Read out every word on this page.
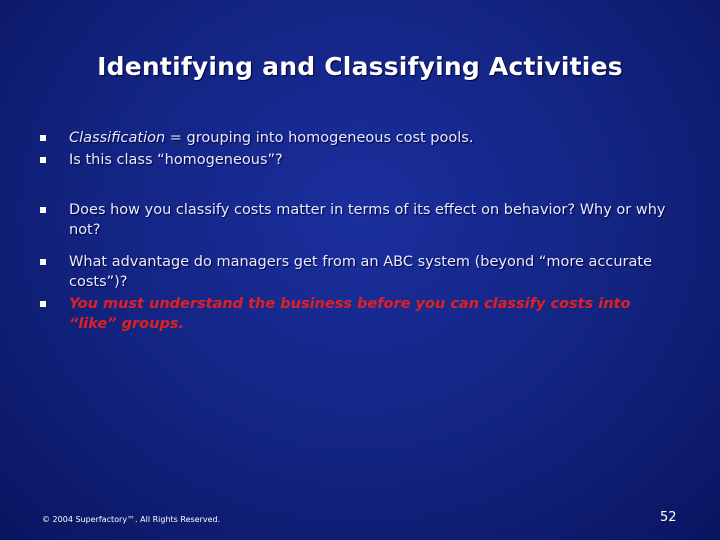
Identifying and Classifying Activities
Classification = grouping into homogeneous cost pools.
Is this class “homogeneous”?
Does how you classify costs matter in terms of its effect on behavior? Why or why not?
What advantage do managers get from an ABC system (beyond “more accurate costs”)?
You must understand the business before you can classify costs into “like” groups.
© 2004 Superfactory™. All Rights Reserved.	52
